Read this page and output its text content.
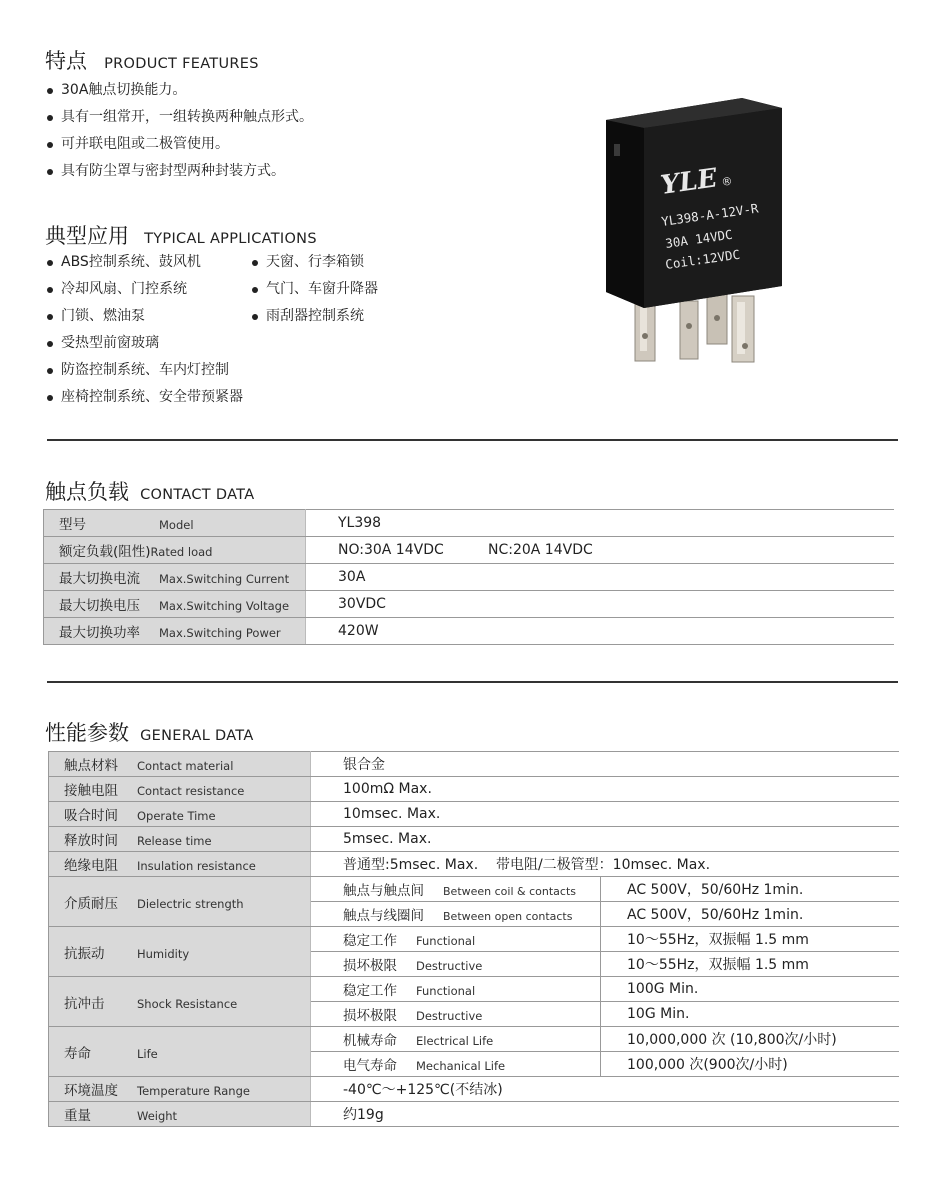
特点 PRODUCT FEATURES
30A触点切换能力。
具有一组常开，一组转换两种触点形式。
可并联电阻或二极管使用。
具有防尘罩与密封型两种封装方式。
典型应用 TYPICAL APPLICATIONS
ABS控制系统、鼓风机
冷却风扇、门控系统
门锁、燃油泵
受热型前窗玻璃
防盗控制系统、车内灯控制
座椅控制系统、安全带预紧器
天窗、行李箱锁
气门、车窗升降器
雨刮器控制系统
YLE ®
YL398-A-12V-R
30A 14VDC
Coil:12VDC
触点负载 CONTACT DATA
型号 Model	YL398
额定负载(阻性)Rated load	NO:30A 14VDC NC:20A 14VDC
最大切换电流 Max.Switching Current	30A
最大切换电压 Max.Switching Voltage	30VDC
最大切换功率 Max.Switching Power	420W
性能参数 GENERAL DATA
触点材料 Contact material	银合金	
接触电阻 Contact resistance	100mΩ Max.	
吸合时间 Operate Time	10msec. Max.	
释放时间 Release time	5msec. Max.	
绝缘电阻 Insulation resistance	普通型:5msec. Max.    带电阻/二极管型：10msec. Max.	
介质耐压 Dielectric strength	触点与触点间 Between coil & contacts	AC 500V，50/60Hz 1min.
	触点与线圈间 Between open contacts	AC 500V，50/60Hz 1min.
抗振动 Humidity	稳定工作 Functional	10～55Hz，双振幅 1.5 mm
	损坏极限 Destructive	10～55Hz，双振幅 1.5 mm
抗冲击 Shock Resistance	稳定工作 Functional	100G Min.
	损坏极限 Destructive	10G Min.
寿命 Life	机械寿命 Electrical Life	10,000,000 次 (10,800次/小时)
	电气寿命 Mechanical Life	100,000 次(900次/小时)
环境温度 Temperature Range	-40℃～+125℃(不结冰)	
重量 Weight	约19g	
